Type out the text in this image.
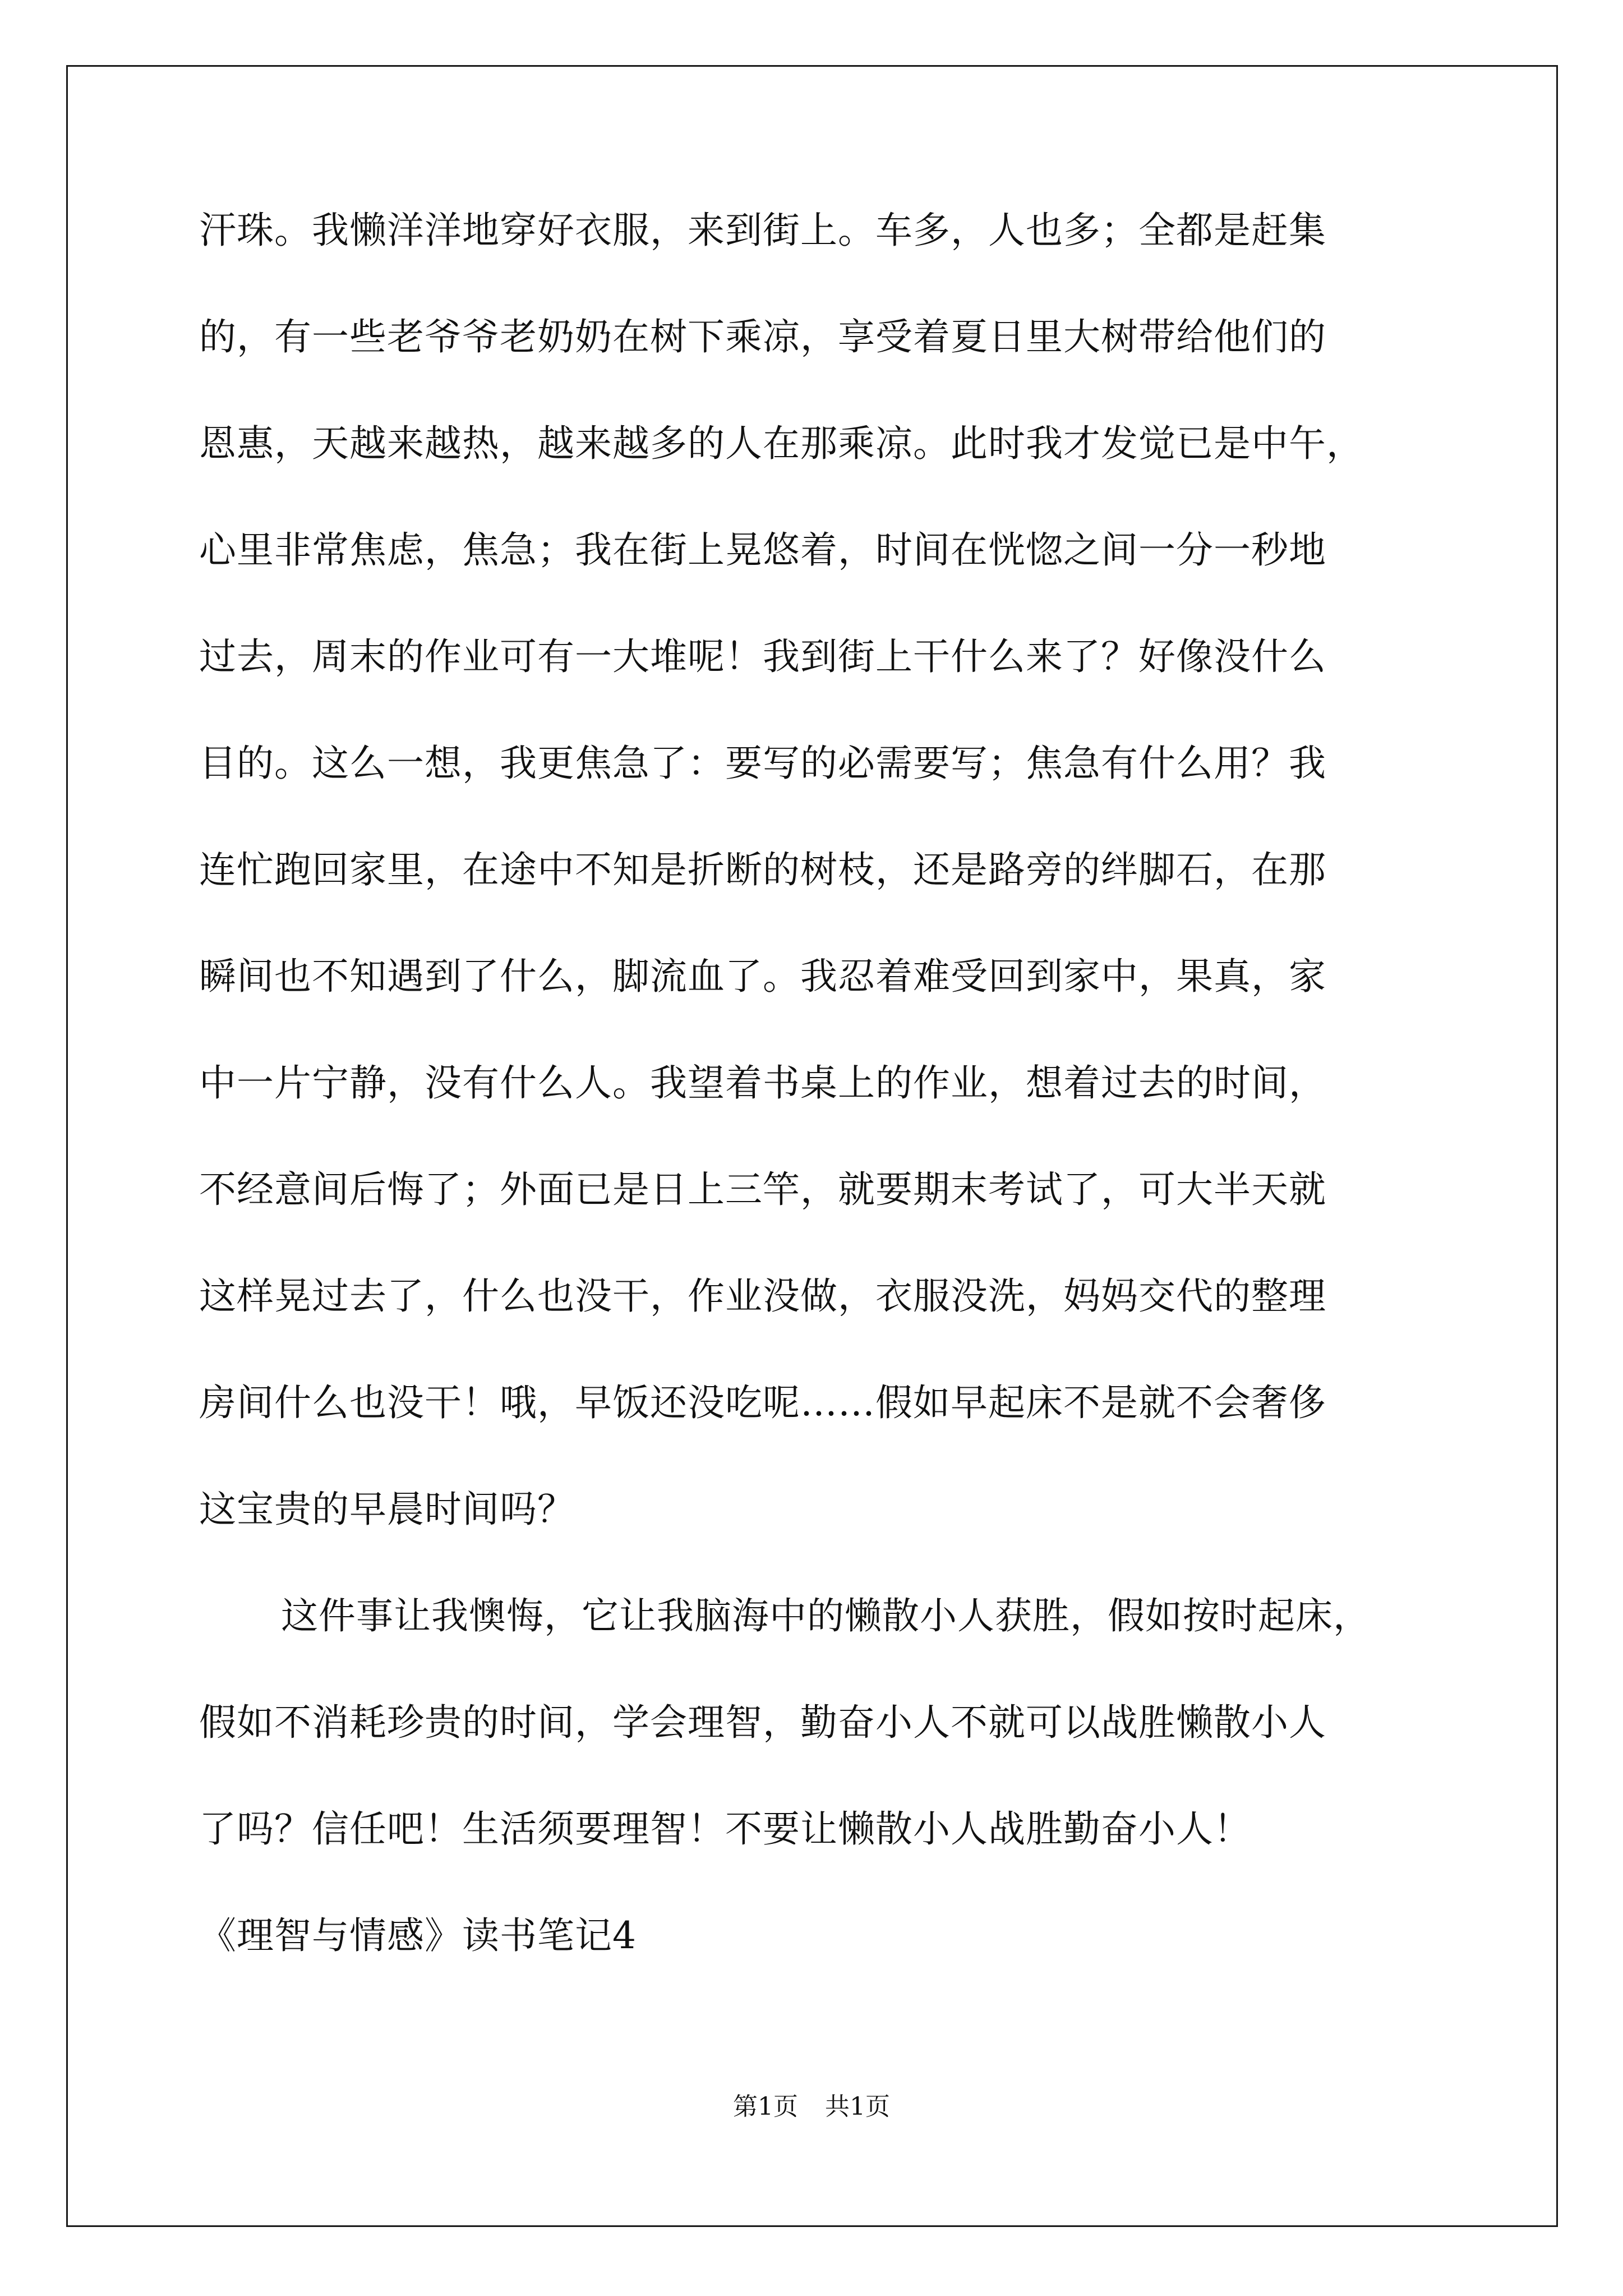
汗珠。我懒洋洋地穿好衣服，来到街上。车多，人也多；全都是赶集
的，有一些老爷爷老奶奶在树下乘凉，享受着夏日里大树带给他们的
恩惠，天越来越热，越来越多的人在那乘凉。此时我才发觉已是中午，
心里非常焦虑，焦急；我在街上晃悠着，时间在恍惚之间一分一秒地
过去，周末的作业可有一大堆呢！我到街上干什么来了？好像没什么
目的。这么一想，我更焦急了：要写的必需要写；焦急有什么用？我
连忙跑回家里，在途中不知是折断的树枝，还是路旁的绊脚石，在那
瞬间也不知遇到了什么，脚流血了。我忍着难受回到家中，果真，家
中一片宁静，没有什么人。我望着书桌上的作业，想着过去的时间，
不经意间后悔了；外面已是日上三竿，就要期末考试了，可大半天就
这样晃过去了，什么也没干，作业没做，衣服没洗，妈妈交代的整理
房间什么也没干！哦，早饭还没吃呢……假如早起床不是就不会奢侈
这宝贵的早晨时间吗？
这件事让我懊悔，它让我脑海中的懒散小人获胜，假如按时起床，
假如不消耗珍贵的时间，学会理智，勤奋小人不就可以战胜懒散小人
了吗？信任吧！生活须要理智！不要让懒散小人战胜勤奋小人！
《理智与情感》读书笔记4
第1页 共1页
